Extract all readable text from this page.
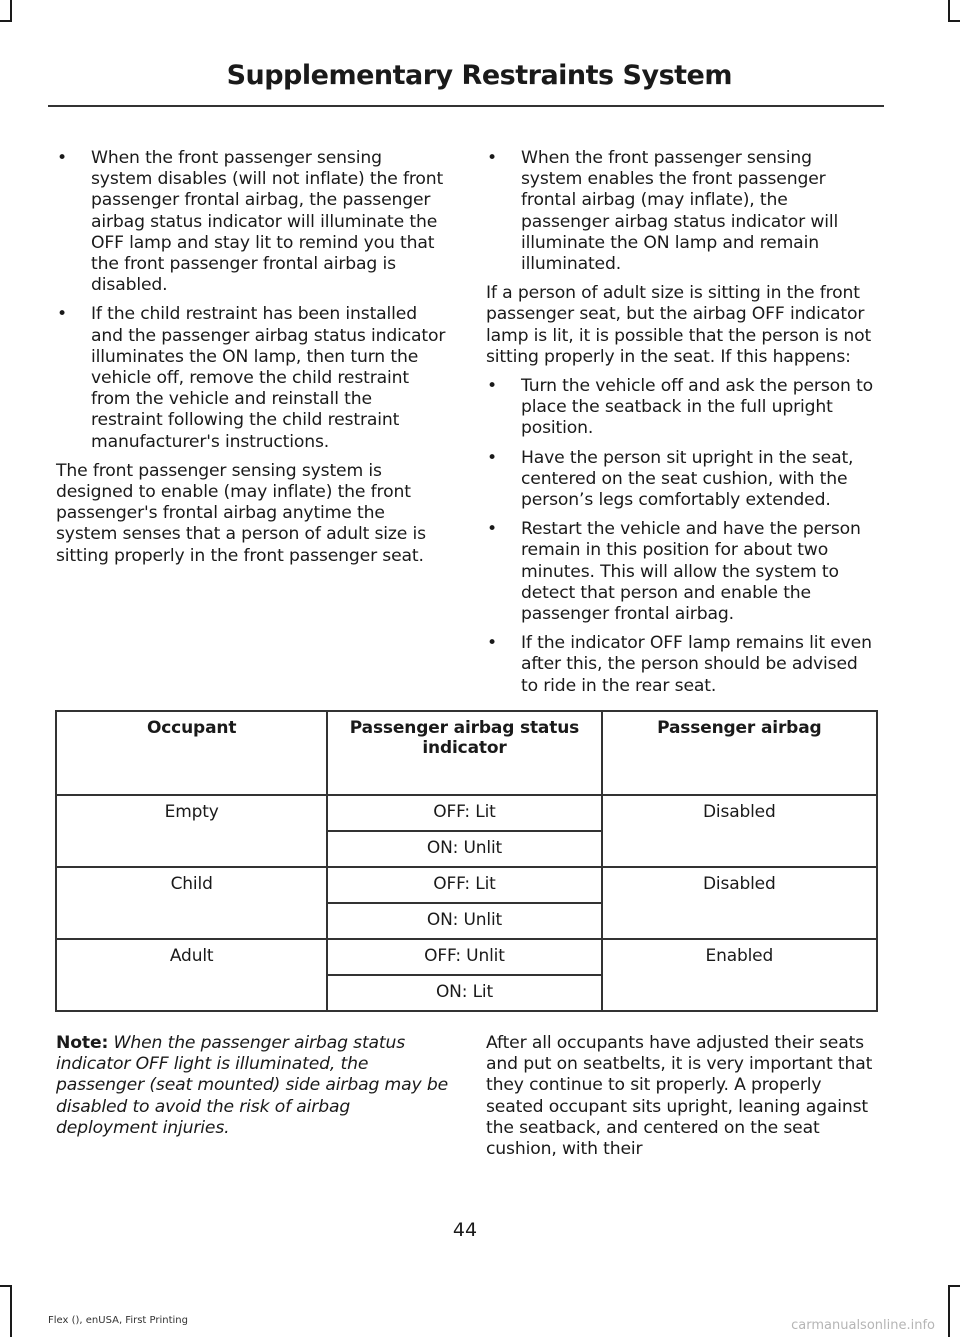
Supplementary Restraints System
• When the front passenger sensing system disables (will not inflate) the front passenger frontal airbag, the passenger airbag status indicator will illuminate the OFF lamp and stay lit to remind you that the front passenger frontal airbag is disabled.
• If the child restraint has been installed and the passenger airbag status indicator illuminates the ON lamp, then turn the vehicle off, remove the child restraint from the vehicle and reinstall the restraint following the child restraint manufacturer's instructions.

The front passenger sensing system is designed to enable (may inflate) the front passenger's frontal airbag anytime the system senses that a person of adult size is sitting properly in the front passenger seat.

• When the front passenger sensing system enables the front passenger frontal airbag (may inflate), the passenger airbag status indicator will illuminate the ON lamp and remain illuminated.

If a person of adult size is sitting in the front passenger seat, but the airbag OFF indicator lamp is lit, it is possible that the person is not sitting properly in the seat. If this happens:

• Turn the vehicle off and ask the person to place the seatback in the full upright position.
• Have the person sit upright in the seat, centered on the seat cushion, with the person’s legs comfortably extended.
• Restart the vehicle and have the person remain in this position for about two minutes. This will allow the system to detect that person and enable the passenger frontal airbag.
• If the indicator OFF lamp remains lit even after this, the person should be advised to ride in the rear seat.
Occupant	Passenger airbag status indicator	Passenger airbag
Empty	OFF: Lit	Disabled
	ON: Unlit	
Child	OFF: Lit	Disabled
	ON: Unlit	
Adult	OFF: Unlit	Enabled
	ON: Lit	
Note: When the passenger airbag status indicator OFF light is illuminated, the passenger (seat mounted) side airbag may be disabled to avoid the risk of airbag deployment injuries.
After all occupants have adjusted their seats and put on seatbelts, it is very important that they continue to sit properly. A properly seated occupant sits upright, leaning against the seatback, and centered on the seat cushion, with their
44
Flex (), enUSA, First Printing	carmanualsonline.info
